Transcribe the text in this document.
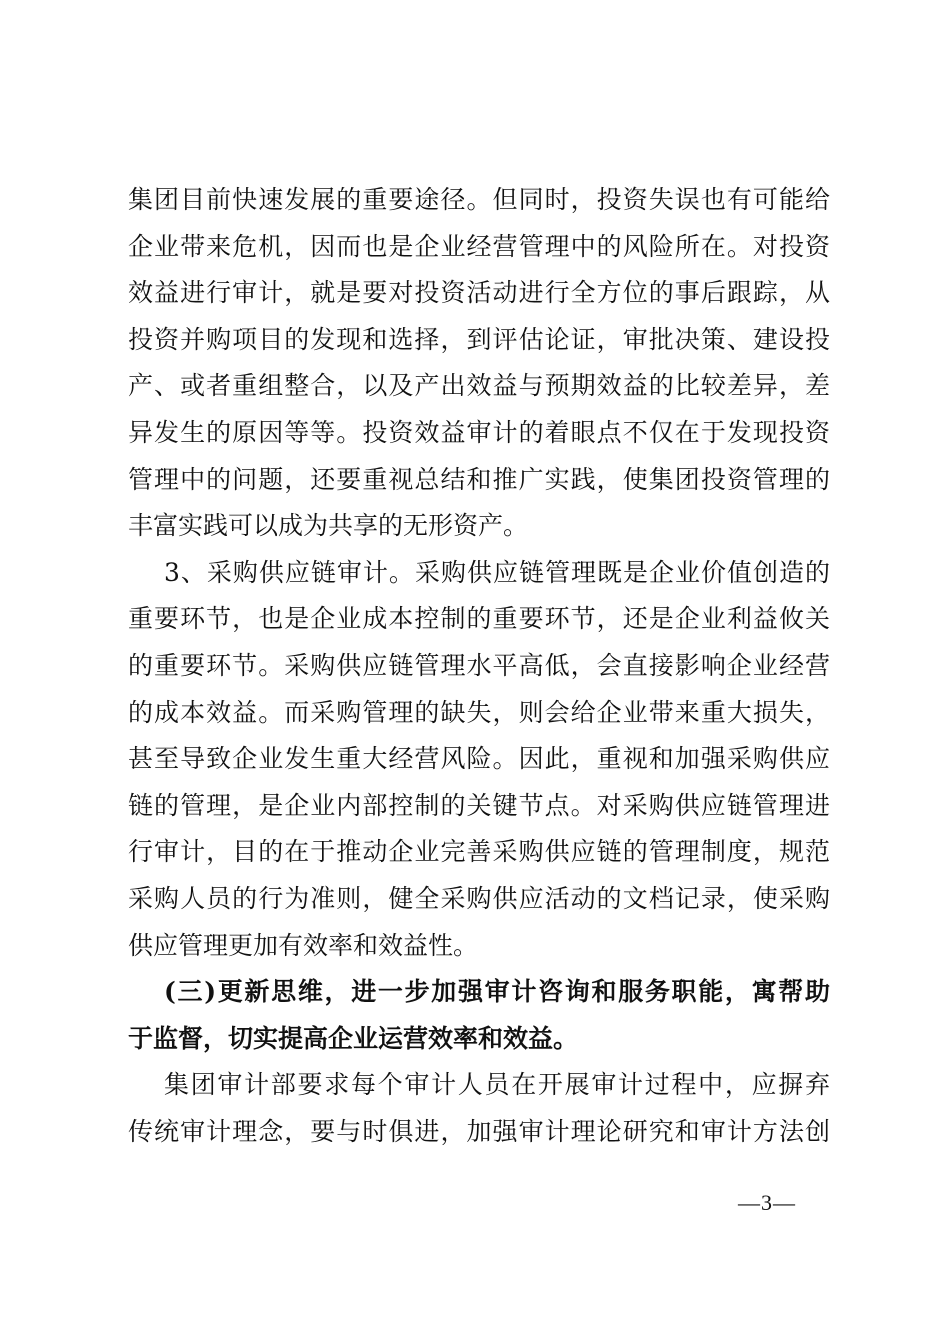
集团目前快速发展的重要途径。但同时，投资失误也有可能给
企业带来危机，因而也是企业经营管理中的风险所在。对投资
效益进行审计，就是要对投资活动进行全方位的事后跟踪，从
投资并购项目的发现和选择，到评估论证，审批决策、建设投
产、或者重组整合，以及产出效益与预期效益的比较差异，差
异发生的原因等等。投资效益审计的着眼点不仅在于发现投资
管理中的问题，还要重视总结和推广实践，使集团投资管理的
丰富实践可以成为共享的无形资产。
3、采购供应链审计。采购供应链管理既是企业价值创造的
重要环节，也是企业成本控制的重要环节，还是企业利益攸关
的重要环节。采购供应链管理水平高低，会直接影响企业经营
的成本效益。而采购管理的缺失，则会给企业带来重大损失，
甚至导致企业发生重大经营风险。因此，重视和加强采购供应
链的管理，是企业内部控制的关键节点。对采购供应链管理进
行审计，目的在于推动企业完善采购供应链的管理制度，规范
采购人员的行为准则，健全采购供应活动的文档记录，使采购
供应管理更加有效率和效益性。
(三)更新思维，进一步加强审计咨询和服务职能，寓帮助
于监督，切实提高企业运营效率和效益。
集团审计部要求每个审计人员在开展审计过程中，应摒弃
传统审计理念，要与时俱进，加强审计理论研究和审计方法创
—3—
